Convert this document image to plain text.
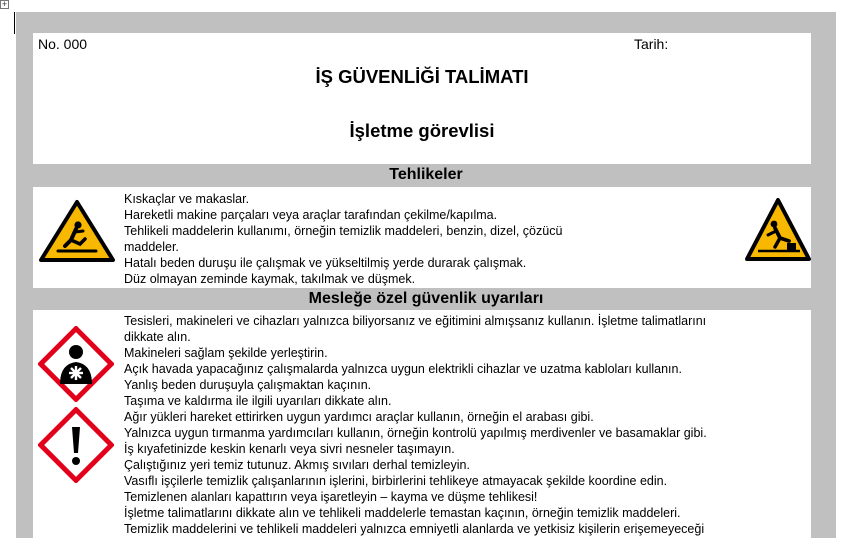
+
No. 000	Tarih:
İŞ GÜVENLİĞİ TALİMATI
İşletme görevlisi
Tehlikeler
Kıskaçlar ve makaslar.
Hareketli makine parçaları veya araçlar tarafından çekilme/kapılma.
Tehlikeli maddelerin kullanımı, örneğin temizlik maddeleri, benzin, dizel, çözücü
maddeler.
Hatalı beden duruşu ile çalışmak ve yükseltilmiş yerde durarak çalışmak.
Düz olmayan zeminde kaymak, takılmak ve düşmek.
Mesleğe özel güvenlik uyarıları
Tesisleri, makineleri ve cihazları yalnızca biliyorsanız ve eğitimini almışsanız kullanın. İşletme talimatlarını
dikkate alın.
Makineleri sağlam şekilde yerleştirin.
Açık havada yapacağınız çalışmalarda yalnızca uygun elektrikli cihazlar ve uzatma kabloları kullanın.
Yanlış beden duruşuyla çalışmaktan kaçının.
Taşıma ve kaldırma ile ilgili uyarıları dikkate alın.
Ağır yükleri hareket ettirirken uygun yardımcı araçlar kullanın, örneğin el arabası gibi.
Yalnızca uygun tırmanma yardımcıları kullanın, örneğin kontrolü yapılmış merdivenler ve basamaklar gibi.
İş kıyafetinizde keskin kenarlı veya sivri nesneler taşımayın.
Çalıştığınız yeri temiz tutunuz. Akmış sıvıları derhal temizleyin.
Vasıflı işçilerle temizlik çalışanlarının işlerini, birbirlerini tehlikeye atmayacak şekilde koordine edin.
Temizlenen alanları kapattırın veya işaretleyin – kayma ve düşme tehlikesi!
İşletme talimatlarını dikkate alın ve tehlikeli maddelerle temastan kaçının, örneğin temizlik maddeleri.
Temizlik maddelerini ve tehlikeli maddeleri yalnızca emniyetli alanlarda ve yetkisiz kişilerin erişemeyeceği
